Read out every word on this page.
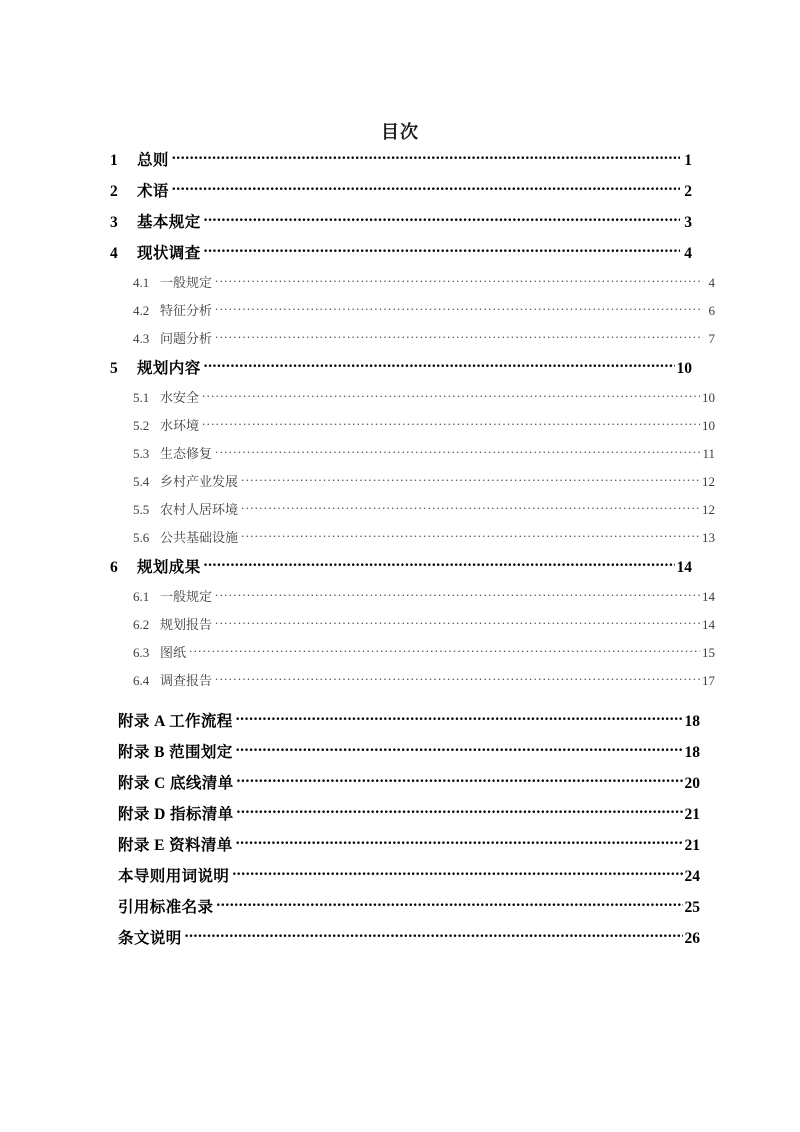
目次
1	总则 .....	1
2	术语 .....	2
3	基本规定 .....	3
4	现状调查 .....	4
4.1 一般规定 .....	4
4.2 特征分析 .....	6
4.3 问题分析 .....	7
5	规划内容 .....	10
5.1 水安全 .....	10
5.2 水环境 .....	10
5.3 生态修复 .....	11
5.4 乡村产业发展 .....	12
5.5 农村人居环境 .....	12
5.6 公共基础设施 .....	13
6	规划成果 .....	14
6.1 一般规定 .....	14
6.2 规划报告 .....	14
6.3 图纸 .....	15
6.4 调查报告 .....	17
附录 A 工作流程 .....	18
附录 B 范围划定 .....	18
附录 C 底线清单 .....	20
附录 D 指标清单 .....	21
附录 E 资料清单 .....	21
本导则用词说明 .....	24
引用标准名录 .....	25
条文说明 .....	26
